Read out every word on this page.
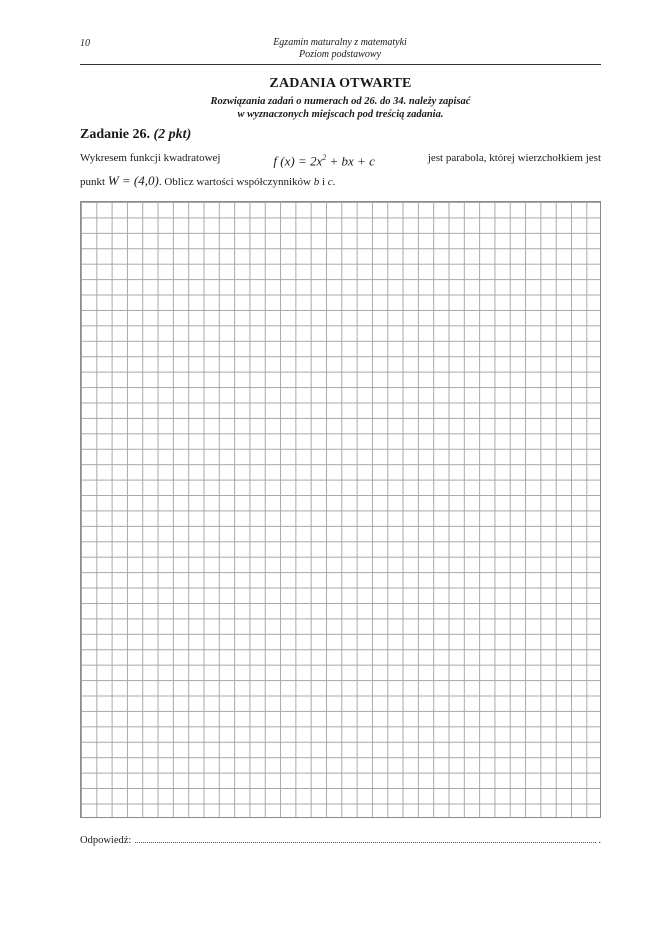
10	Egzamin maturalny z matematyki
Poziom podstawowy
ZADANIA OTWARTE
Rozwiązania zadań o numerach od 26. do 34. należy zapisać
w wyznaczonych miejscach pod treścią zadania.
Zadanie 26. (2 pkt)
Wykresem funkcji kwadratowej	f $(x) = 2x^2$ + bx + c	jest parabola, której wierzchołkiem jest
punkt W = (4,0). Oblicz wartości współczynników b i c.
Odpowiedź:	.
